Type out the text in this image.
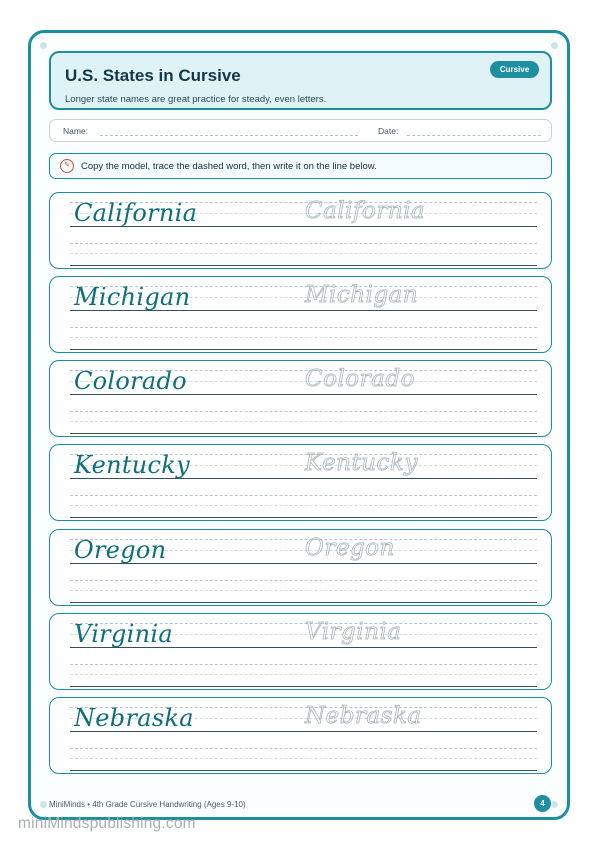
U.S. States in Cursive
Longer state names are great practice for steady, even letters.
Cursive
Name:	Date:
✎	Copy the model, trace the dashed word, then write it on the line below.
California	California
Michigan	Michigan
Colorado	Colorado
Kentucky	Kentucky
Oregon	Oregon
Virginia	Virginia
Nebraska	Nebraska
MiniMinds • 4th Grade Cursive Handwriting (Ages 9-10)	4
miniMindspublishing.com
